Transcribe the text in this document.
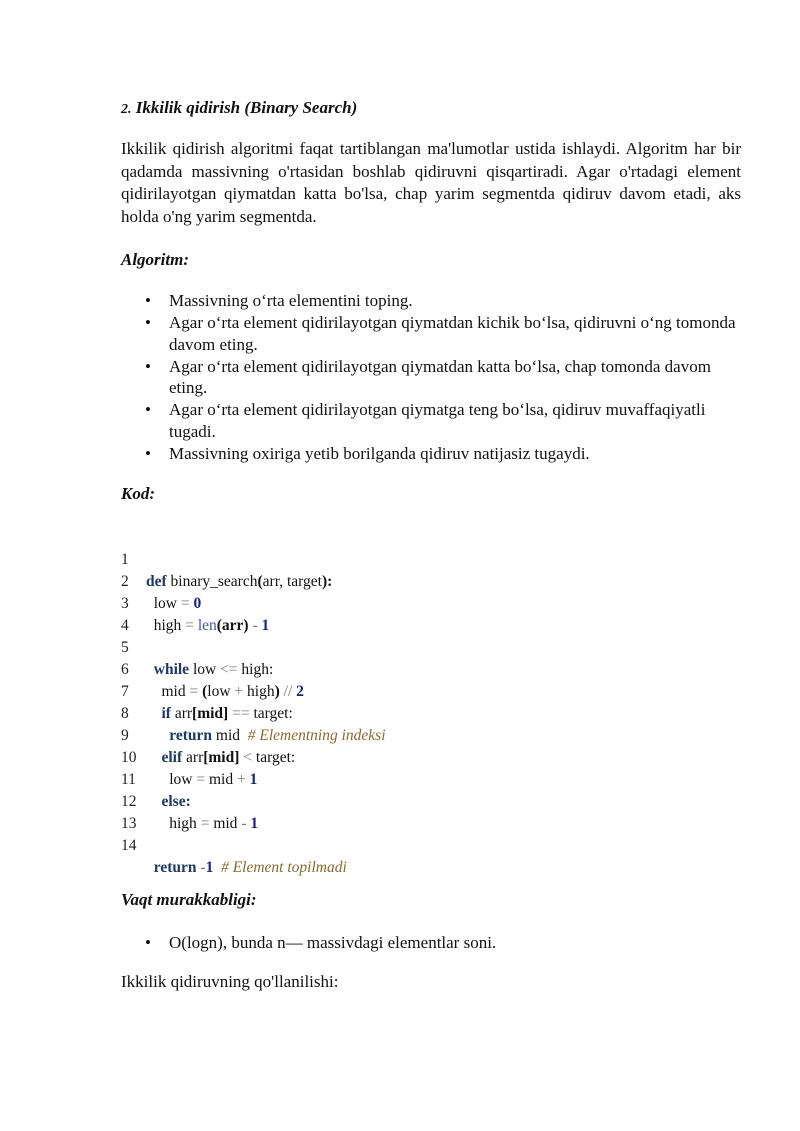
2. Ikkilik qidirish (Binary Search)

Ikkilik qidirish algoritmi faqat tartiblangan ma'lumotlar ustida ishlaydi. Algoritm har bir qadamda massivning o'rtasidan boshlab qidiruvni qisqartiradi. Agar o'rtadagi element qidirilayotgan qiymatdan katta bo'lsa, chap yarim segmentda qidiruv davom etadi, aks holda o'ng yarim segmentda.

Algoritm:

• Massivning o‘rta elementini toping.
• Agar o‘rta element qidirilayotgan qiymatdan kichik bo‘lsa, qidiruvni o‘ng tomonda davom eting.
• Agar o‘rta element qidirilayotgan qiymatdan katta bo‘lsa, chap tomonda davom eting.
• Agar o‘rta element qidirilayotgan qiymatga teng bo‘lsa, qidiruv muvaffaqiyatli tugadi.
• Massivning oxiriga yetib borilganda qidiruv natijasiz tugaydi.

Kod:

1

def binary_search(arr, target):

2

low = 0

3

high = len(arr) - 1

4

5

while low <= high:

6

mid = (low + high) // 2

7

if arr[mid] == target:

8

return mid # Elementning indeksi

9

elif arr[mid] < target:

10

low = mid + 1

11

else:

12

high = mid - 1

13

14

return -1 # Element topilmadi

Vaqt murakkabligi:

• O(logn), bunda n— massivdagi elementlar soni.

Ikkilik qidiruvning qo'llanilishi:
